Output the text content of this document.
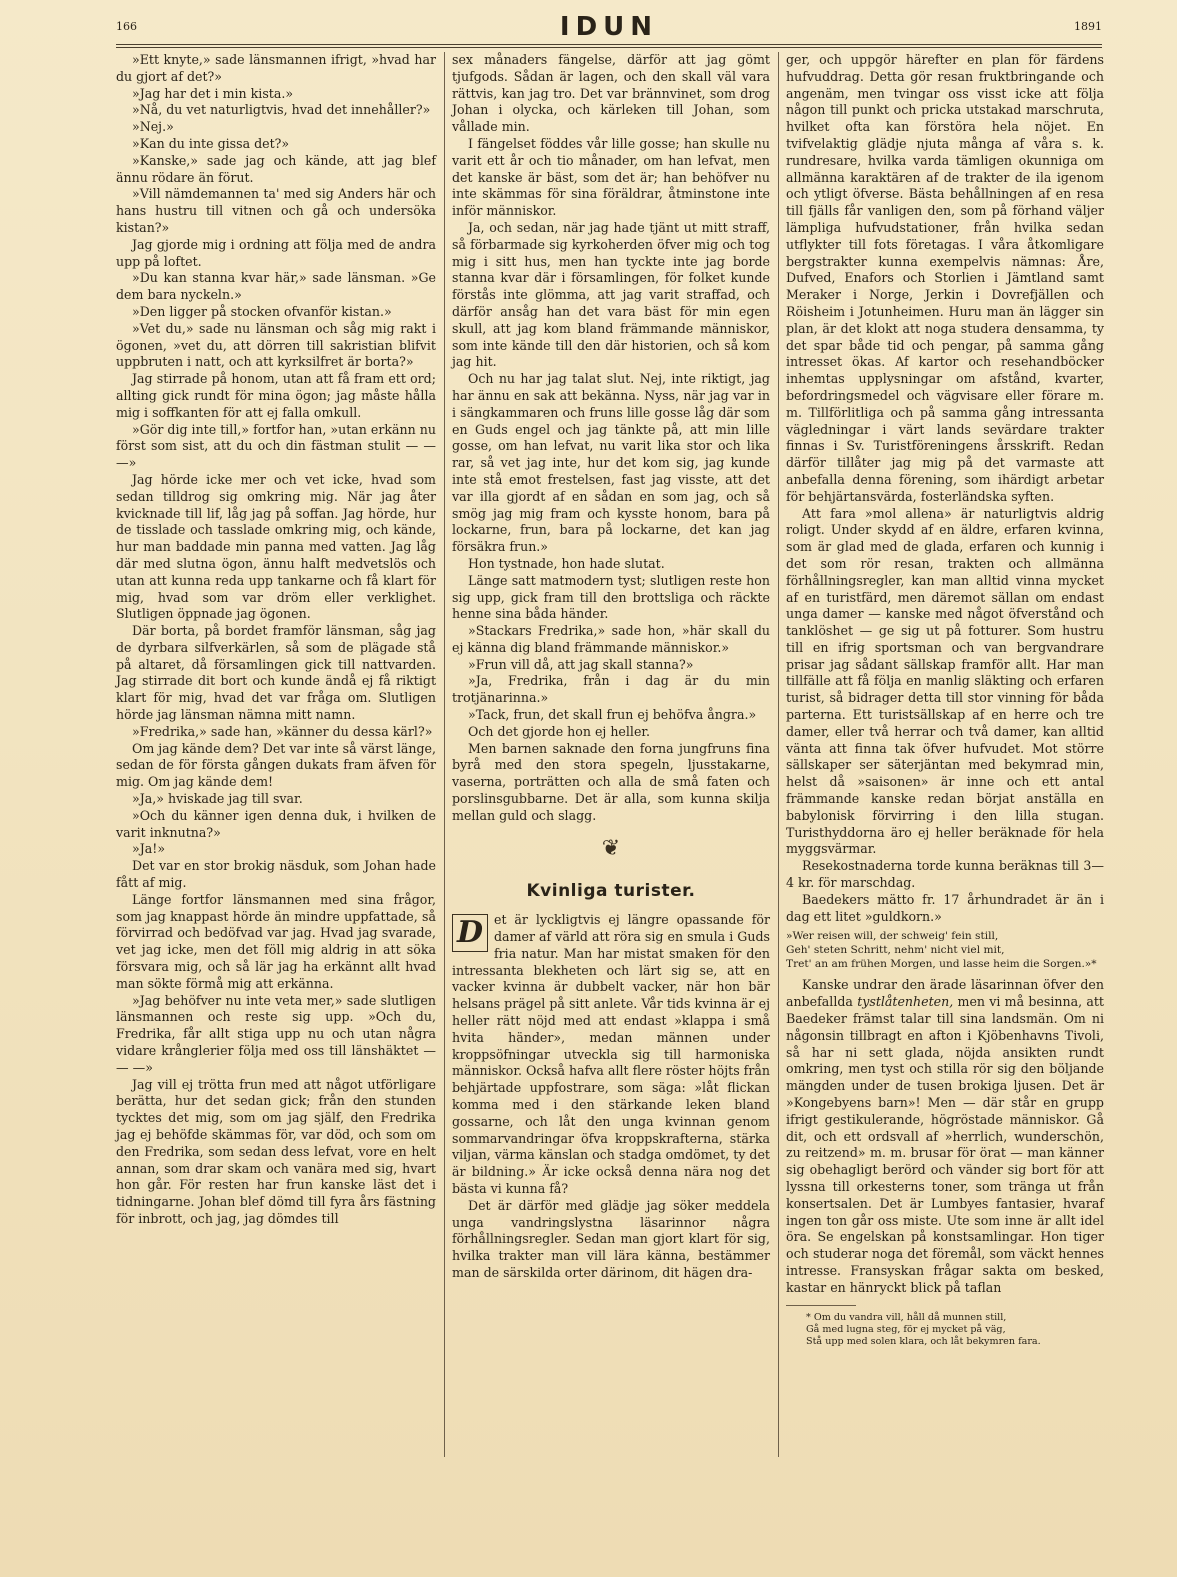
166	IDUN	1891

»Ett knyte,» sade länsmannen ifrigt, »hvad har du gjort af det?»

»Jag har det i min kista.»

»Nå, du vet naturligtvis, hvad det innehåller?»

»Nej.»

»Kan du inte gissa det?»

»Kanske,» sade jag och kände, att jag blef ännu rödare än förut.

»Vill nämdemannen ta' med sig Anders här och hans hustru till vitnen och gå och undersöka kistan?»

Jag gjorde mig i ordning att följa med de andra upp på loftet.

»Du kan stanna kvar här,» sade länsman. »Ge dem bara nyckeln.»

»Den ligger på stocken ofvanför kistan.»

»Vet du,» sade nu länsman och såg mig rakt i ögonen, »vet du, att dörren till sakristian blifvit uppbruten i natt, och att kyrksilfret är borta?»

Jag stirrade på honom, utan att få fram ett ord; allting gick rundt för mina ögon; jag måste hålla mig i soffkanten för att ej falla omkull.

»Gör dig inte till,» fortfor han, »utan erkänn nu först som sist, att du och din fästman stulit — — —»

Jag hörde icke mer och vet icke, hvad som sedan tilldrog sig omkring mig. När jag åter kvicknade till lif, låg jag på soffan. Jag hörde, hur de tisslade och tasslade omkring mig, och kände, hur man baddade min panna med vatten. Jag låg där med slutna ögon, ännu halft medvetslös och utan att kunna reda upp tankarne och få klart för mig, hvad som var dröm eller verklighet. Slutligen öppnade jag ögonen.

Där borta, på bordet framför länsman, såg jag de dyrbara silfverkärlen, så som de plägade stå på altaret, då församlingen gick till nattvarden. Jag stirrade dit bort och kunde ändå ej få riktigt klart för mig, hvad det var fråga om. Slutligen hörde jag länsman nämna mitt namn.

»Fredrika,» sade han, »känner du dessa kärl?»

Om jag kände dem? Det var inte så värst länge, sedan de för första gången dukats fram äfven för mig. Om jag kände dem!

»Ja,» hviskade jag till svar.

»Och du känner igen denna duk, i hvilken de varit inknutna?»

»Ja!»

Det var en stor brokig näsduk, som Johan hade fått af mig.

Länge fortfor länsmannen med sina frågor, som jag knappast hörde än mindre uppfattade, så förvirrad och bedöfvad var jag. Hvad jag svarade, vet jag icke, men det föll mig aldrig in att söka försvara mig, och så lär jag ha erkännt allt hvad man sökte förmå mig att erkänna.

»Jag behöfver nu inte veta mer,» sade slutligen länsmannen och reste sig upp. »Och du, Fredrika, får allt stiga upp nu och utan några vidare krånglerier följa med oss till länshäktet — — —»

Jag vill ej trötta frun med att något utförligare berätta, hur det sedan gick; från den stunden tycktes det mig, som om jag själf, den Fredrika jag ej behöfde skämmas för, var död, och som om den Fredrika, som sedan dess lefvat, vore en helt annan, som drar skam och vanära med sig, hvart hon går. För resten har frun kanske läst det i tidningarne. Johan blef dömd till fyra års fästning för inbrott, och jag, jag dömdes till

sex månaders fängelse, därför att jag gömt tjufgods. Sådan är lagen, och den skall väl vara rättvis, kan jag tro. Det var brännvinet, som drog Johan i olycka, och kärleken till Johan, som vållade min.

I fängelset föddes vår lille gosse; han skulle nu varit ett år och tio månader, om han lefvat, men det kanske är bäst, som det är; han behöfver nu inte skämmas för sina föräldrar, åtminstone inte inför människor.

Ja, och sedan, när jag hade tjänt ut mitt straff, så förbarmade sig kyrkoherden öfver mig och tog mig i sitt hus, men han tyckte inte jag borde stanna kvar där i församlingen, för folket kunde förstås inte glömma, att jag varit straffad, och därför ansåg han det vara bäst för min egen skull, att jag kom bland främmande människor, som inte kände till den där historien, och så kom jag hit.

Och nu har jag talat slut. Nej, inte riktigt, jag har ännu en sak att bekänna. Nyss, när jag var in i sängkammaren och fruns lille gosse låg där som en Guds engel och jag tänkte på, att min lille gosse, om han lefvat, nu varit lika stor och lika rar, så vet jag inte, hur det kom sig, jag kunde inte stå emot frestelsen, fast jag visste, att det var illa gjordt af en sådan en som jag, och så smög jag mig fram och kysste honom, bara på lockarne, frun, bara på lockarne, det kan jag försäkra frun.»

Hon tystnade, hon hade slutat.

Länge satt matmodern tyst; slutligen reste hon sig upp, gick fram till den brottsliga och räckte henne sina båda händer.

»Stackars Fredrika,» sade hon, »här skall du ej känna dig bland främmande människor.»

»Frun vill då, att jag skall stanna?»

»Ja, Fredrika, från i dag är du min trotjänarinna.»

»Tack, frun, det skall frun ej behöfva ångra.»

Och det gjorde hon ej heller.

Men barnen saknade den forna jungfruns fina byrå med den stora spegeln, ljusstakarne, vaserna, porträtten och alla de små faten och porslinsgubbarne. Det är alla, som kunna skilja mellan guld och slagg.

❦
Kvinliga turister.

D et är lyckligtvis ej längre opassande för damer af värld att röra sig en smula i Guds fria natur. Man har mistat smaken för den intressanta blekheten och lärt sig se, att en vacker kvinna är dubbelt vacker, när hon bär helsans prägel på sitt anlete. Vår tids kvinna är ej heller rätt nöjd med att endast »klappa i små hvita händer», medan männen under kroppsöfningar utveckla sig till harmoniska människor. Också hafva allt flere röster höjts från behjärtade uppfostrare, som säga: »låt flickan komma med i den stärkande leken bland gossarne, och låt den unga kvinnan genom sommarvandringar öfva kroppskrafterna, stärka viljan, värma känslan och stadga omdömet, ty det är bildning.» Är icke också denna nära nog det bästa vi kunna få?

Det är därför med glädje jag söker meddela unga vandringslystna läsarinnor några förhållningsregler. Sedan man gjort klart för sig, hvilka trakter man vill lära känna, bestämmer man de särskilda orter därinom, dit hägen dra-

ger, och uppgör härefter en plan för färdens hufvuddrag. Detta gör resan fruktbringande och angenäm, men tvingar oss visst icke att följa någon till punkt och pricka utstakad marschruta, hvilket ofta kan förstöra hela nöjet. En tvifvelaktig glädje njuta många af våra s. k. rundresare, hvilka varda tämligen okunniga om allmänna karaktären af de trakter de ila igenom och ytligt öfverse. Bästa behållningen af en resa till fjälls får vanligen den, som på förhand väljer lämpliga hufvudstationer, från hvilka sedan utflykter till fots företagas. I våra åtkomligare bergstrakter kunna exempelvis nämnas: Åre, Dufved, Enafors och Storlien i Jämtland samt Meraker i Norge, Jerkin i Dovrefjällen och Röisheim i Jotunheimen. Huru man än lägger sin plan, är det klokt att noga studera densamma, ty det spar både tid och pengar, på samma gång intresset ökas. Af kartor och resehandböcker inhemtas upplysningar om afstånd, kvarter, befordringsmedel och vägvisare eller förare m. m. Tillförlitliga och på samma gång intressanta vägledningar i värt lands sevärdare trakter finnas i Sv. Turistföreningens årsskrift. Redan därför tillåter jag mig på det varmaste att anbefalla denna förening, som ihärdigt arbetar för behjärtansvärda, fosterländska syften.

Att fara »mol allena» är naturligtvis aldrig roligt. Under skydd af en äldre, erfaren kvinna, som är glad med de glada, erfaren och kunnig i det som rör resan, trakten och allmänna förhållningsregler, kan man alltid vinna mycket af en turistfärd, men däremot sällan om endast unga damer — kanske med något öfverstånd och tanklöshet — ge sig ut på fotturer. Som hustru till en ifrig sportsman och van bergvandrare prisar jag sådant sällskap framför allt. Har man tillfälle att få följa en manlig släkting och erfaren turist, så bidrager detta till stor vinning för båda parterna. Ett turistsällskap af en herre och tre damer, eller två herrar och två damer, kan alltid vänta att finna tak öfver hufvudet. Mot större sällskaper ser säterjäntan med bekymrad min, helst då »saisonen» är inne och ett antal främmande kanske redan börjat anställa en babylonisk förvirring i den lilla stugan. Turisthyddorna äro ej heller beräknade för hela myggsvärmar.

Resekostnaderna torde kunna beräknas till 3—4 kr. för marschdag.

Baedekers mätto fr. 17 århundradet är än i dag ett litet »guldkorn.»

»Wer reisen will, der schweig' fein still,
Geh' steten Schritt, nehm' nicht viel mit,
Tret' an am frühen Morgen, und lasse heim die Sorgen.»*

Kanske undrar den ärade läsarinnan öfver den anbefallda tystlåtenheten, men vi må besinna, att Baedeker främst talar till sina landsmän. Om ni någonsin tillbragt en afton i Kjöbenhavns Tivoli, så har ni sett glada, nöjda ansikten rundt omkring, men tyst och stilla rör sig den böljande mängden under de tusen brokiga ljusen. Det är »Kongebyens barn»! Men — där står en grupp ifrigt gestikulerande, högröstade människor. Gå dit, och ett ordsvall af »herrlich, wunderschön, zu reitzend» m. m. brusar för örat — man känner sig obehagligt berörd och vänder sig bort för att lyssna till orkesterns toner, som tränga ut från konsertsalen. Det är Lumbyes fantasier, hvaraf ingen ton går oss miste. Ute som inne är allt idel öra. Se engelskan på konstsamlingar. Hon tiger och studerar noga det föremål, som väckt hennes intresse. Fransyskan frågar sakta om besked, kastar en hänryckt blick på taflan

* Om du vandra vill, håll då munnen still,
Gå med lugna steg, för ej mycket på väg,
Stå upp med solen klara, och låt bekymren fara.
